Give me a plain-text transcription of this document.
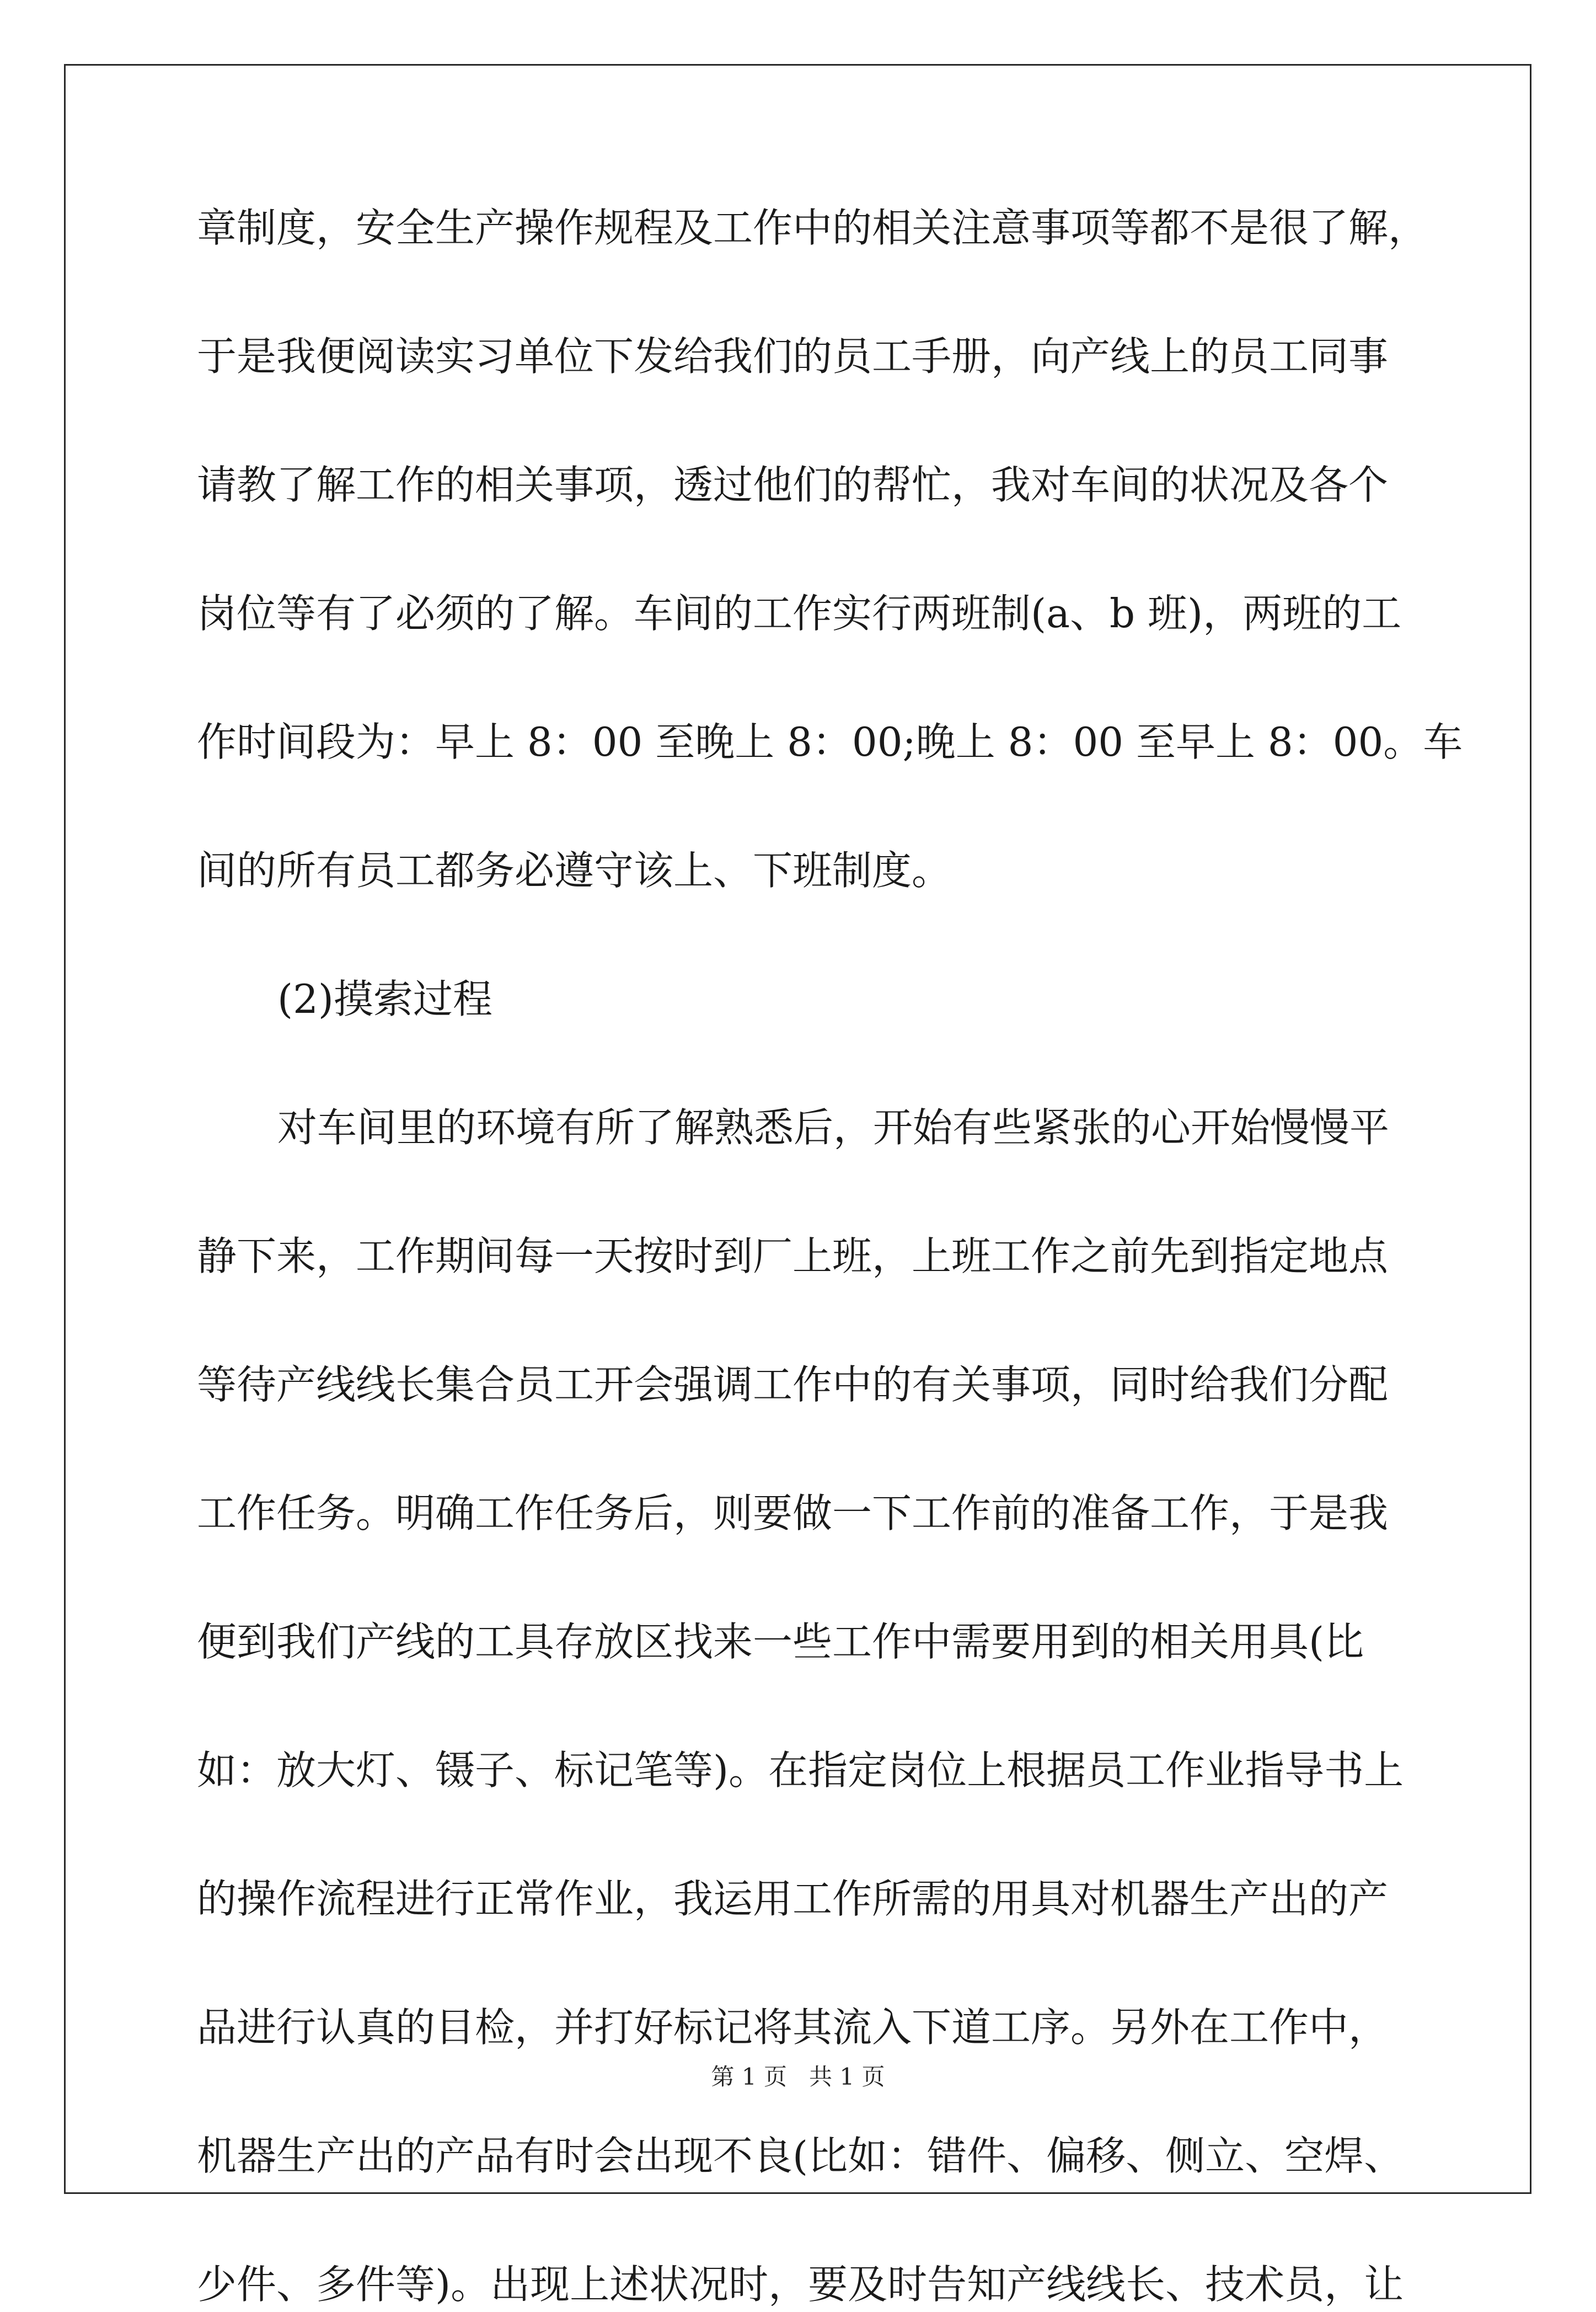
章制度，安全生产操作规程及工作中的相关注意事项等都不是很了解，
于是我便阅读实习单位下发给我们的员工手册，向产线上的员工同事
请教了解工作的相关事项，透过他们的帮忙，我对车间的状况及各个
岗位等有了必须的了解。车间的工作实行两班制(a、b 班)，两班的工
作时间段为：早上 8：00 至晚上 8：00;晚上 8：00 至早上 8：00。车
间的所有员工都务必遵守该上、下班制度。
(2)摸索过程
对车间里的环境有所了解熟悉后，开始有些紧张的心开始慢慢平
静下来，工作期间每一天按时到厂上班，上班工作之前先到指定地点
等待产线线长集合员工开会强调工作中的有关事项，同时给我们分配
工作任务。明确工作任务后，则要做一下工作前的准备工作，于是我
便到我们产线的工具存放区找来一些工作中需要用到的相关用具(比
如：放大灯、镊子、标记笔等)。在指定岗位上根据员工作业指导书上
的操作流程进行正常作业，我运用工作所需的用具对机器生产出的产
品进行认真的目检，并打好标记将其流入下道工序。另外在工作中，
机器生产出的产品有时会出现不良(比如：错件、偏移、侧立、空焊、
少件、多件等)。出现上述状况时，要及时告知产线线长、技术员，让
第 1 页   共 1 页
